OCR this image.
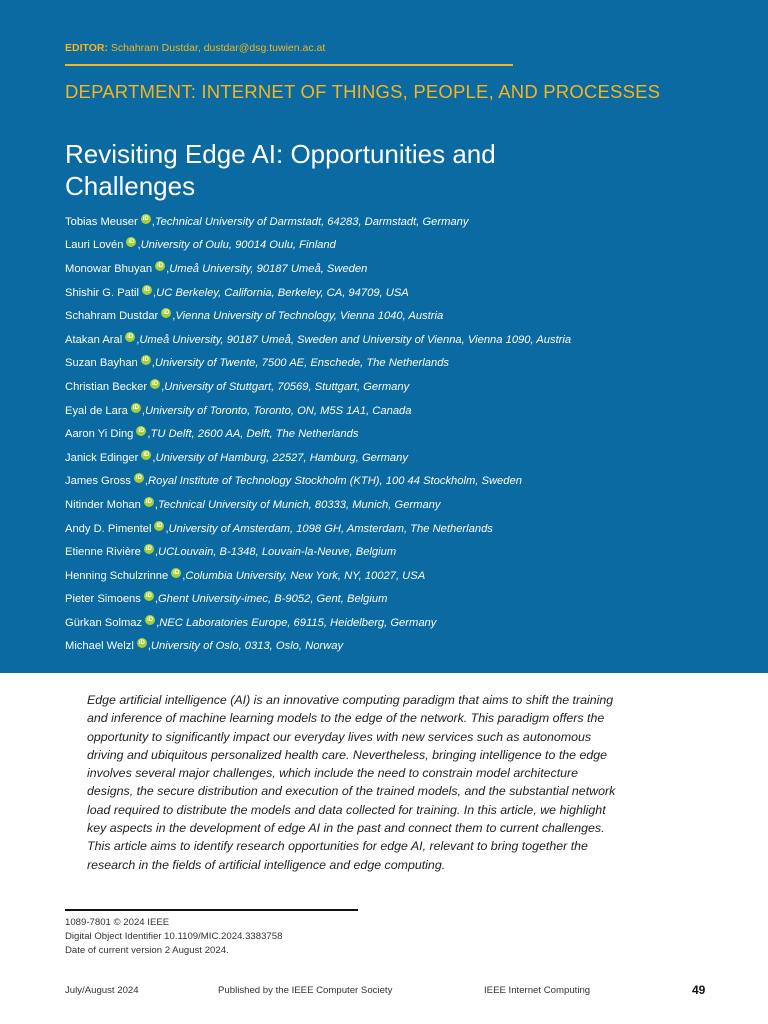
EDITOR: Schahram Dustdar, dustdar@dsg.tuwien.ac.at
DEPARTMENT: INTERNET OF THINGS, PEOPLE, AND PROCESSES
Revisiting Edge AI: Opportunities and Challenges
Tobias Meuser iD , Technical University of Darmstadt, 64283, Darmstadt, Germany
Lauri Lovén iD , University of Oulu, 90014 Oulu, Finland
Monowar Bhuyan iD , Umeå University, 90187 Umeå, Sweden
Shishir G. Patil iD , UC Berkeley, California, Berkeley, CA, 94709, USA
Schahram Dustdar iD , Vienna University of Technology, Vienna 1040, Austria
Atakan Aral iD , Umeå University, 90187 Umeå, Sweden and University of Vienna, Vienna 1090, Austria
Suzan Bayhan iD , University of Twente, 7500 AE, Enschede, The Netherlands
Christian Becker iD , University of Stuttgart, 70569, Stuttgart, Germany
Eyal de Lara iD , University of Toronto, Toronto, ON, M5S 1A1, Canada
Aaron Yi Ding iD , TU Delft, 2600 AA, Delft, The Netherlands
Janick Edinger iD , University of Hamburg, 22527, Hamburg, Germany
James Gross iD , Royal Institute of Technology Stockholm (KTH), 100 44 Stockholm, Sweden
Nitinder Mohan iD , Technical University of Munich, 80333, Munich, Germany
Andy D. Pimentel iD , University of Amsterdam, 1098 GH, Amsterdam, The Netherlands
Etienne Rivière iD , UCLouvain, B-1348, Louvain-la-Neuve, Belgium
Henning Schulzrinne iD , Columbia University, New York, NY, 10027, USA
Pieter Simoens iD , Ghent University-imec, B-9052, Gent, Belgium
Gürkan Solmaz iD , NEC Laboratories Europe, 69115, Heidelberg, Germany
Michael Welzl iD , University of Oslo, 0313, Oslo, Norway

Edge artificial intelligence (AI) is an innovative computing paradigm that aims to shift the training and inference of machine learning models to the edge of the network. This paradigm offers the opportunity to significantly impact our everyday lives with new services such as autonomous driving and ubiquitous personalized health care. Nevertheless, bringing intelligence to the edge involves several major challenges, which include the need to constrain model architecture designs, the secure distribution and execution of the trained models, and the substantial network load required to distribute the models and data collected for training. In this article, we highlight key aspects in the development of edge AI in the past and connect them to current challenges. This article aims to identify research opportunities for edge AI, relevant to bring together the research in the fields of artificial intelligence and edge computing.

1089-7801 © 2024 IEEE
Digital Object Identifier 10.1109/MIC.2024.3383758
Date of current version 2 August 2024.
July/August 2024	Published by the IEEE Computer Society	IEEE Internet Computing	49
